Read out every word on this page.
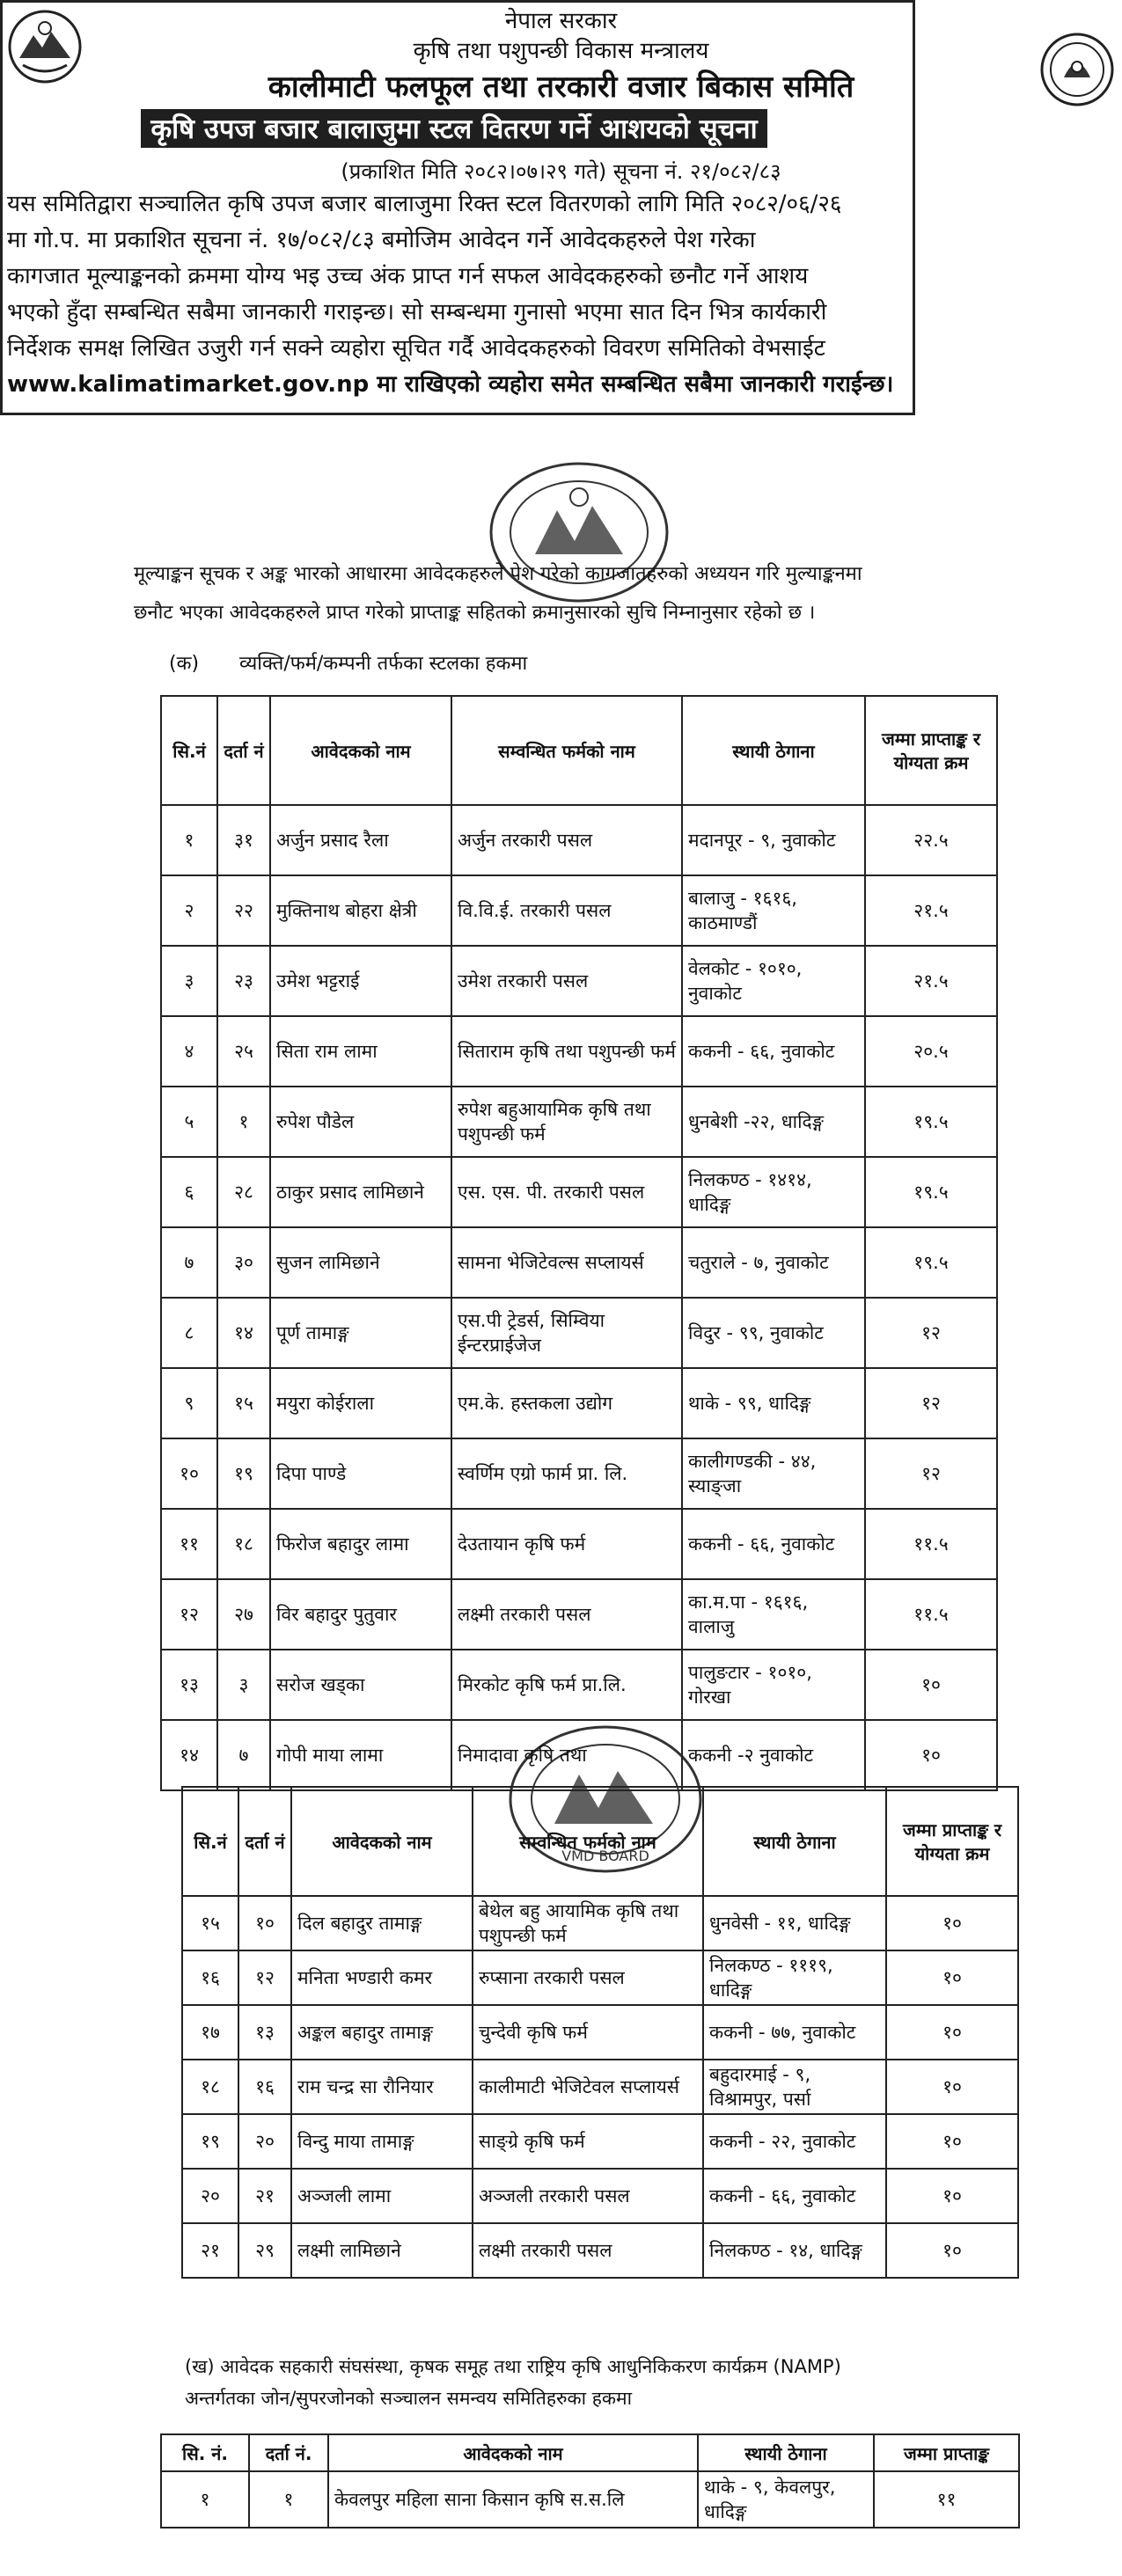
नेपाल सरकार
कृषि तथा पशुपन्छी विकास मन्त्रालय
कालीमाटी फलफूल तथा तरकारी वजार बिकास समिति
कृषि उपज बजार बालाजुमा स्टल वितरण गर्ने आशयको सूचना
(प्रकाशित मिति २०८२।०७।२९ गते) सूचना नं. २१/०८२/८३
यस समितिद्वारा सञ्चालित कृषि उपज बजार बालाजुमा रिक्त स्टल वितरणको लागि मिति २०८२/०६/२६
मा गो.प. मा प्रकाशित सूचना नं. १७/०८२/८३ बमोजिम आवेदन गर्ने आवेदकहरुले पेश गरेका
कागजात मूल्याङ्कनको क्रममा योग्य भइ उच्च अंक प्राप्त गर्न सफल आवेदकहरुको छनौट गर्ने आशय
भएको हुँदा सम्बन्धित सबैमा जानकारी गराइन्छ। सो सम्बन्धमा गुनासो भएमा सात दिन भित्र कार्यकारी
निर्देशक समक्ष लिखित उजुरी गर्न सक्ने व्यहोरा सूचित गर्दै आवेदकहरुको विवरण समितिको वेभसाईट
www.kalimatimarket.gov.np मा राखिएको व्यहोरा समेत सम्बन्धित सबैमा जानकारी गराईन्छ।
VMD BOARD
मूल्याङ्कन सूचक र अङ्क भारको आधारमा आवेदकहरुले पेश गरेको कागजातहरुको अध्ययन गरि मुल्याङ्कनमा
छनौट भएका आवेदकहरुले प्राप्त गरेको प्राप्ताङ्क सहितको क्रमानुसारको सुचि निम्नानुसार रहेको छ ।
(क) व्यक्ति/फर्म/कम्पनी तर्फका स्टलका हकमा
सि.नं	दर्ता नं	आवेदकको नाम	सम्वन्धित फर्मको नाम	स्थायी ठेगाना	जम्मा प्राप्ताङ्क र योग्यता क्रम
१	३१	अर्जुन प्रसाद रैला	अर्जुन तरकारी पसल	मदानपूर - ९, नुवाकोट	२२.५
२	२२	मुक्तिनाथ बोहरा क्षेत्री	वि.वि.ई. तरकारी पसल	बालाजु - १६१६, काठमाण्डौं	२१.५
३	२३	उमेश भट्टराई	उमेश तरकारी पसल	वेलकोट - १०१०, नुवाकोट	२१.५
४	२५	सिता राम लामा	सिताराम कृषि तथा पशुपन्छी फर्म	ककनी - ६६, नुवाकोट	२०.५
५	१	रुपेश पौडेल	रुपेश बहुआयामिक कृषि तथा पशुपन्छी फर्म	धुनबेशी -२२, धादिङ्ग	१९.५
६	२८	ठाकुर प्रसाद लामिछाने	एस. एस. पी. तरकारी पसल	निलकण्ठ - १४१४, धादिङ्ग	१९.५
७	३०	सुजन लामिछाने	सामना भेजिटेवल्स सप्लायर्स	चतुराले - ७, नुवाकोट	१९.५
८	१४	पूर्ण तामाङ्ग	एस.पी ट्रेडर्स, सिम्विया ईन्टरप्राईजेज	विदुर - ९९, नुवाकोट	१२
९	१५	मयुरा कोईराला	एम.के. हस्तकला उद्योग	थाके - ९९, धादिङ्ग	१२
१०	१९	दिपा पाण्डे	स्वर्णिम एग्रो फार्म प्रा. लि.	कालीगण्डकी - ४४, स्याङ्जा	१२
११	१८	फिरोज बहादुर लामा	देउतायान कृषि फर्म	ककनी - ६६, नुवाकोट	११.५
१२	२७	विर बहादुर पुतुवार	लक्ष्मी तरकारी पसल	का.म.पा - १६१६, वालाजु	११.५
१३	३	सरोज खड्का	मिरकोट कृषि फर्म प्रा.लि.	पालुङटार - १०१०, गोरखा	१०
१४	७	गोपी माया लामा	निमादावा कृषि तथा	ककनी -२ नुवाकोट	१०
सि.नं	दर्ता नं	आवेदकको नाम	सम्वन्धित फर्मको नाम	स्थायी ठेगाना	जम्मा प्राप्ताङ्क र योग्यता क्रम
१५	१०	दिल बहादुर तामाङ्ग	बेथेल बहु आयामिक कृषि तथा पशुपन्छी फर्म	धुनवेसी - ११, धादिङ्ग	१०
१६	१२	मनिता भण्डारी कमर	रुप्साना तरकारी पसल	निलकण्ठ - १११९, धादिङ्ग	१०
१७	१३	अङ्कल बहादुर तामाङ्ग	चुन्देवी कृषि फर्म	ककनी - ७७, नुवाकोट	१०
१८	१६	राम चन्द्र सा रौनियार	कालीमाटी भेजिटेवल सप्लायर्स	बहुदारमाई - ९, विश्रामपुर, पर्सा	१०
१९	२०	विन्दु माया तामाङ्ग	साङ्ग्रे कृषि फर्म	ककनी - २२, नुवाकोट	१०
२०	२१	अञ्जली लामा	अञ्जली तरकारी पसल	ककनी - ६६, नुवाकोट	१०
२१	२९	लक्ष्मी लामिछाने	लक्ष्मी तरकारी पसल	निलकण्ठ - १४, धादिङ्ग	१०
(ख) आवेदक सहकारी संघसंस्था, कृषक समूह तथा राष्ट्रिय कृषि आधुनिकिकरण कार्यक्रम (NAMP)
अन्तर्गतका जोन/सुपरजोनको सञ्चालन समन्वय समितिहरुका हकमा
सि. नं.	दर्ता नं.	आवेदकको नाम	स्थायी ठेगाना	जम्मा प्राप्ताङ्क
१	१	केवलपुर महिला साना किसान कृषि स.स.लि	थाके - ९, केवलपुर, धादिङ्ग	११
